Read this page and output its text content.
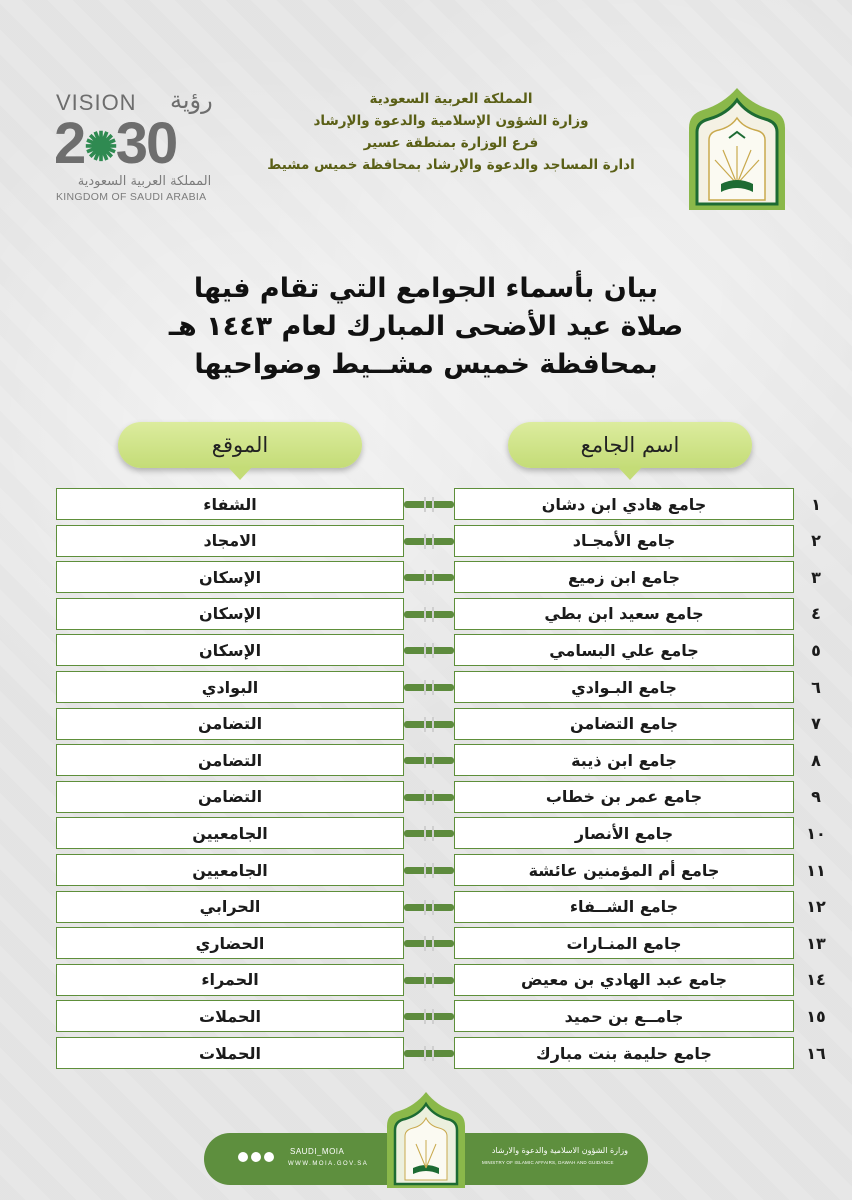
VISION رؤية
2✺30
المملكة العربية السعودية
KINGDOM OF SAUDI ARABIA
المملكة العربية السعودية
وزارة الشؤون الإسلامية والدعوة والإرشاد
فرع الوزارة بمنطقة عسير
ادارة المساجد والدعوة والإرشاد بمحافظة خميس مشيط
بيان بأسماء الجوامع التي تقام فيها
صلاة عيد الأضحى المبارك لعام ١٤٤٣ هـ
بمحافظة خميس مشــيط وضواحيها
اسم الجامع
الموقع
الشفاء	جامع هادي ابن دشان	١
الامجاد	جامع الأمجـاد	٢
الإسكان	جامع ابن زميع	٣
الإسكان	جامع سعيد ابن بطي	٤
الإسكان	جامع علي البسامي	٥
البوادي	جامع البـوادي	٦
التضامن	جامع التضامن	٧
التضامن	جامع ابن ذيبة	٨
التضامن	جامع عمر بن خطاب	٩
الجامعيين	جامع الأنصار	١٠
الجامعيين	جامع أم المؤمنين عائشة	١١
الحرابي	جامع الشــفاء	١٢
الحضاري	جامع المنـارات	١٣
الحمراء	جامع عبد الهادي بن معيض	١٤
الحملات	جامــع بن حميد	١٥
الحملات	جامع حليمة بنت مبارك	١٦
SAUDI_MOIA
WWW.MOIA.GOV.SA
وزارة الشؤون الاسلامية والدعوة والارشاد
MINISTRY OF ISLAMIC AFFAIRS, DAWAH AND GUIDANCE
